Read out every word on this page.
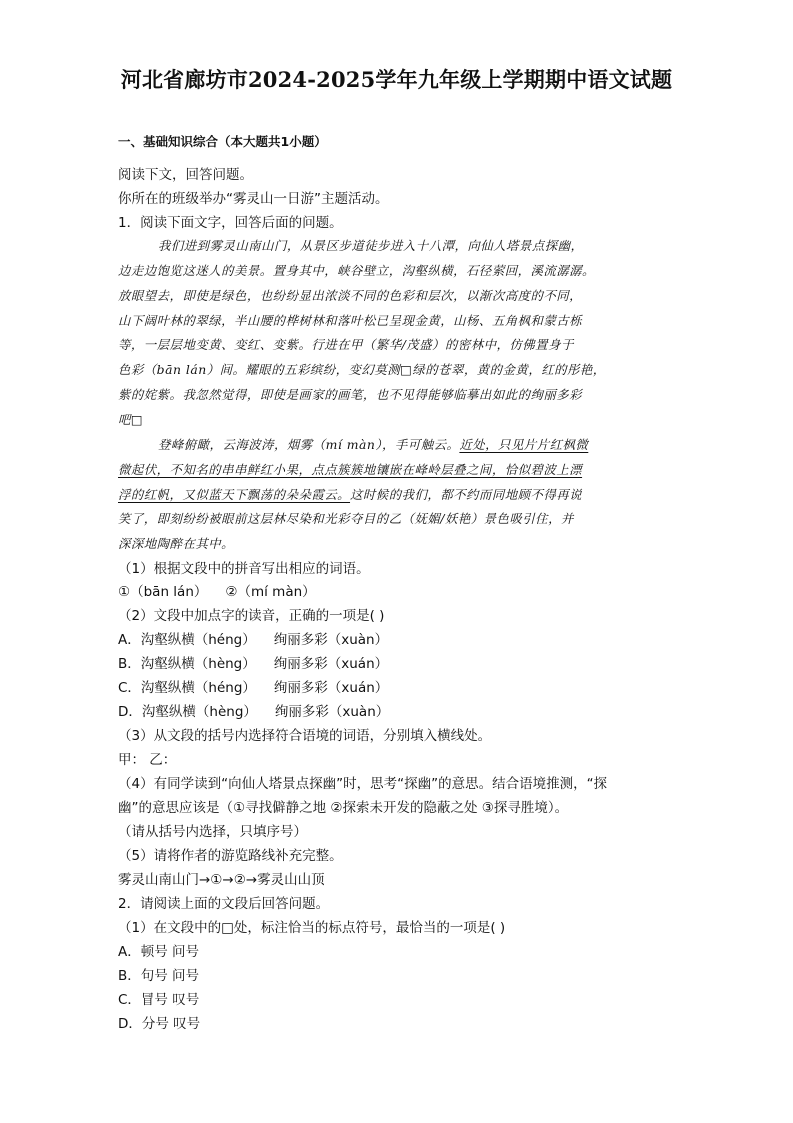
河北省廊坊市2024-2025学年九年级上学期期中语文试题
一、基础知识综合（本大题共1小题）
阅读下文，回答问题。
你所在的班级举办“雾灵山一日游”主题活动。
1．阅读下面文字，回答后面的问题。
我们进到雾灵山南山门，从景区步道徒步进入十八潭，向仙人塔景点探幽，
边走边饱览这迷人的美景。置身其中，峡谷壁立，沟壑纵横，石径萦回，溪流潺潺。
放眼望去，即使是绿色，也纷纷显出浓淡不同的色彩和层次，以渐次高度的不同，
山下阔叶林的翠绿，半山腰的桦树林和落叶松已呈现金黄，山杨、五角枫和蒙古栎
等，一层层地变黄、变红、变紫。行进在甲（繁华/茂盛）的密林中，仿佛置身于
色彩（bān lán）间。耀眼的五彩缤纷，变幻莫测□绿的苍翠，黄的金黄，红的彤艳，
紫的姹紫。我忽然觉得，即使是画家的画笔，也不见得能够临摹出如此的绚丽多彩
吧□
登峰俯瞰，云海波涛，烟雾（mí màn），手可触云。近处，只见片片红枫微
微起伏，不知名的串串鲜红小果，点点簇簇地镶嵌在峰岭层叠之间，恰似碧波上漂
浮的红帆，又似蓝天下飘荡的朵朵霞云。这时候的我们，都不约而同地顾不得再说
笑了，即刻纷纷被眼前这层林尽染和光彩夺目的乙（妩媚/妖艳）景色吸引住，并
深深地陶醉在其中。
（1）根据文段中的拼音写出相应的词语。
①（bān lán） ②（mí màn）
（2）文段中加点字的读音，正确的一项是( )
A．沟壑纵横（héng） 绚丽多彩（xuàn）
B．沟壑纵横（hèng） 绚丽多彩（xuán）
C．沟壑纵横（héng） 绚丽多彩（xuán）
D．沟壑纵横（hèng） 绚丽多彩（xuàn）
（3）从文段的括号内选择符合语境的词语，分别填入横线处。
甲： 乙：
（4）有同学读到“向仙人塔景点探幽”时，思考“探幽”的意思。结合语境推测，“探
幽”的意思应该是（①寻找僻静之地 ②探索未开发的隐蔽之处 ③探寻胜境）。
（请从括号内选择，只填序号）
（5）请将作者的游览路线补充完整。
雾灵山南山门→①→②→雾灵山山顶
2．请阅读上面的文段后回答问题。
（1）在文段中的□处，标注恰当的标点符号，最恰当的一项是( )
A．顿号 问号
B．句号 问号
C．冒号 叹号
D．分号 叹号
